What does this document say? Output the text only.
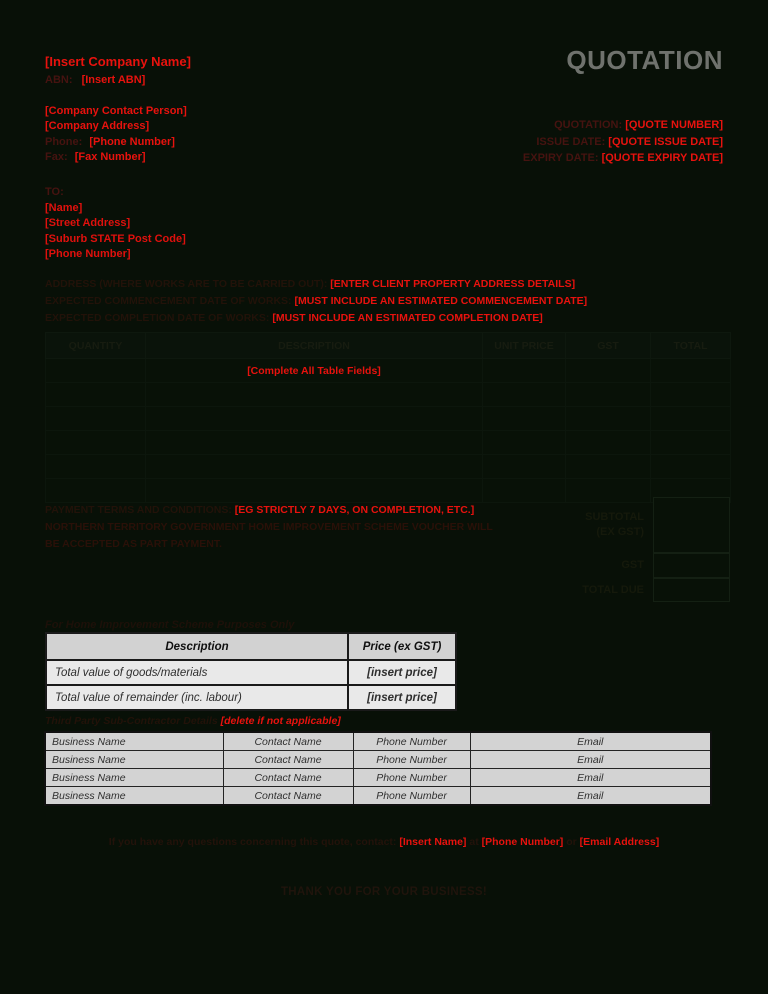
[Insert Company Name]
ABN: [Insert ABN]
[Company Contact Person]
[Company Address]
Phone: [Phone Number]
Fax: [Fax Number]
QUOTATION
QUOTATION: [QUOTE NUMBER]
ISSUE DATE: [QUOTE ISSUE DATE]
EXPIRY DATE: [QUOTE EXPIRY DATE]
TO:
[Name]
[Street Address]
[Suburb STATE Post Code]
[Phone Number]
ADDRESS (WHERE WORKS ARE TO BE CARRIED OUT): [ENTER CLIENT PROPERTY ADDRESS DETAILS]
EXPECTED COMMENCEMENT DATE OF WORKS: [MUST INCLUDE AN ESTIMATED COMMENCEMENT DATE]
EXPECTED COMPLETION DATE OF WORKS: [MUST INCLUDE AN ESTIMATED COMPLETION DATE]
QUANTITY	DESCRIPTION	UNIT PRICE	GST	TOTAL
	[Complete All Table Fields]			

PAYMENT TERMS AND CONDITIONS: [EG STRICTLY 7 DAYS, ON COMPLETION, ETC.]
NORTHERN TERRITORY GOVERNMENT HOME IMPROVEMENT SCHEME VOUCHER WILL
BE ACCEPTED AS PART PAYMENT.
SUBTOTAL
(EX GST)
GST
TOTAL DUE
For Home Improvement Scheme Purposes Only
Description	Price (ex GST)
Total value of goods/materials	[insert price]
Total value of remainder (inc. labour)	[insert price]
Third Party Sub-Contractor Details [delete if not applicable]
Business Name	Contact Name	Phone Number	Email
Business Name	Contact Name	Phone Number	Email
Business Name	Contact Name	Phone Number	Email
Business Name	Contact Name	Phone Number	Email
If you have any questions concerning this quote, contact: [Insert Name] at [Phone Number] or [Email Address]
THANK YOU FOR YOUR BUSINESS!
